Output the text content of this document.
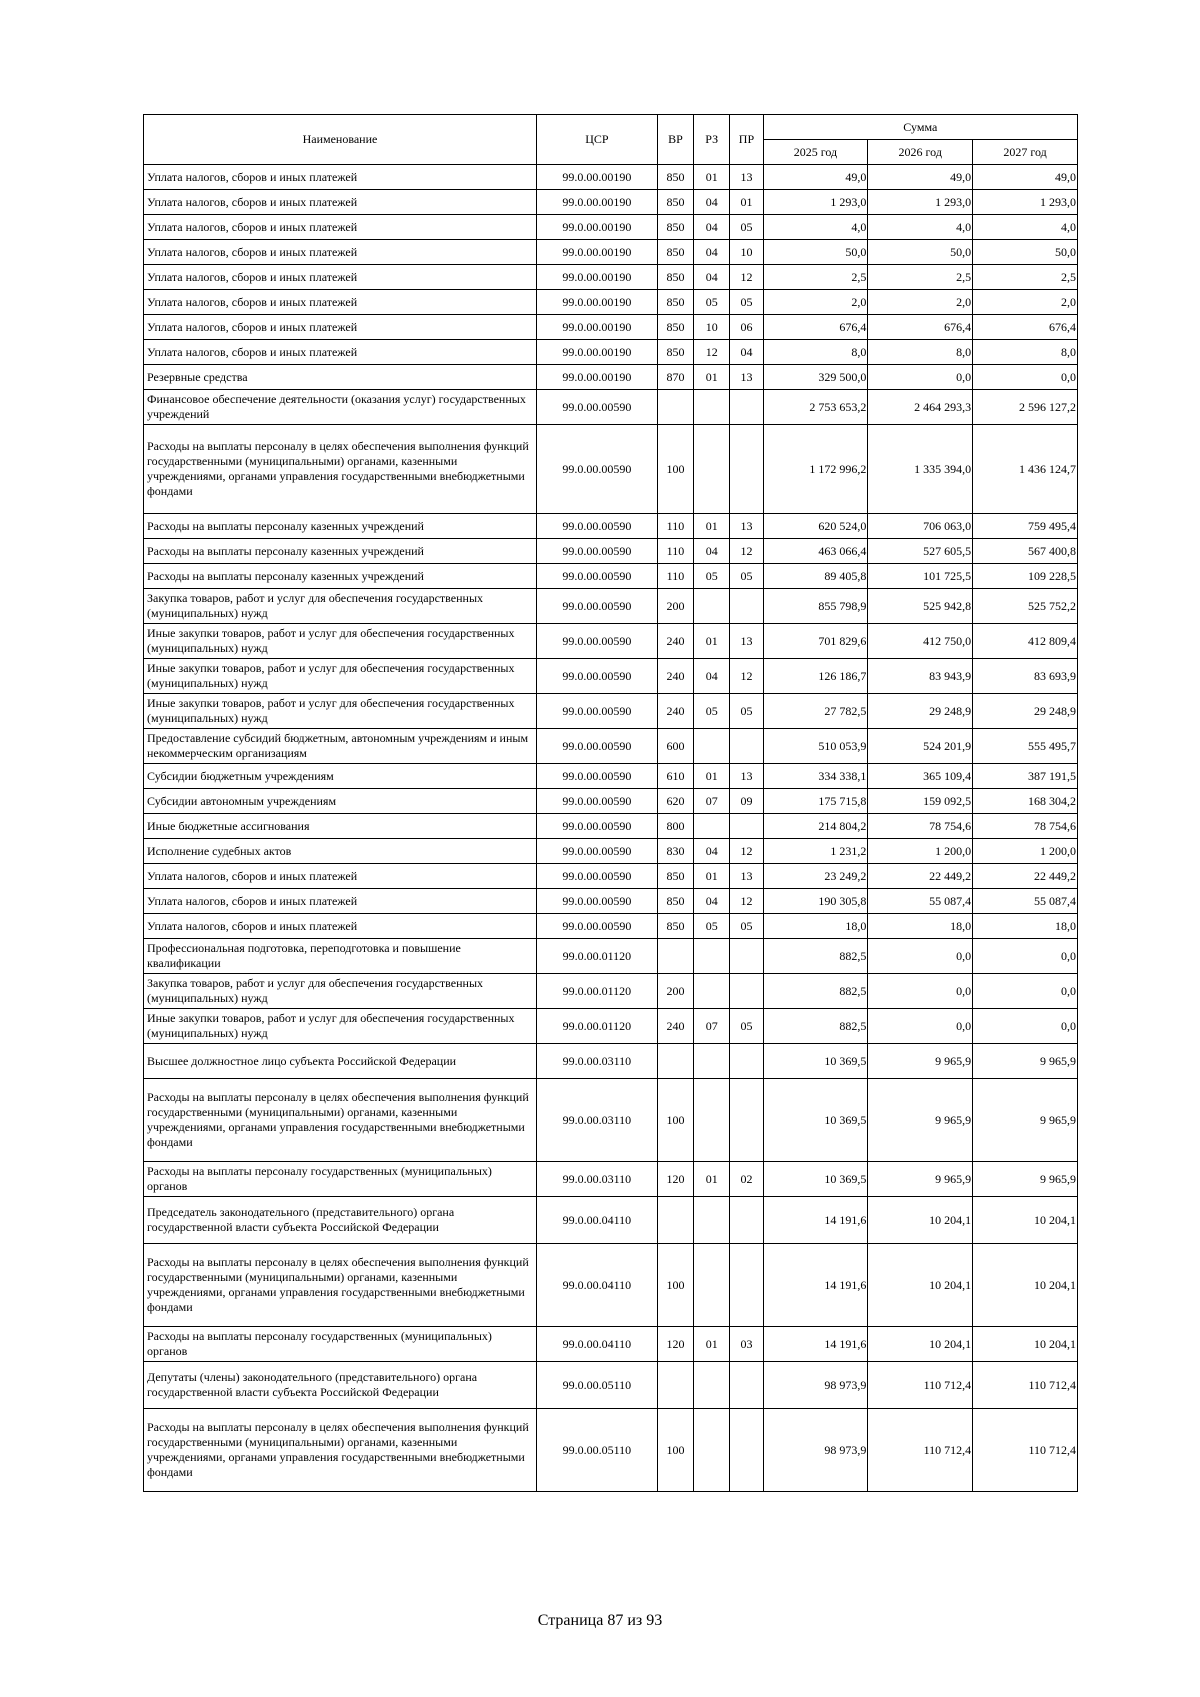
Наименование	ЦСР	ВР	РЗ	ПР	Сумма		
					2025 год	2026 год	2027 год
Уплата налогов, сборов и иных платежей	99.0.00.00190	850	01	13	49,0	49,0	49,0
Уплата налогов, сборов и иных платежей	99.0.00.00190	850	04	01	1 293,0	1 293,0	1 293,0
Уплата налогов, сборов и иных платежей	99.0.00.00190	850	04	05	4,0	4,0	4,0
Уплата налогов, сборов и иных платежей	99.0.00.00190	850	04	10	50,0	50,0	50,0
Уплата налогов, сборов и иных платежей	99.0.00.00190	850	04	12	2,5	2,5	2,5
Уплата налогов, сборов и иных платежей	99.0.00.00190	850	05	05	2,0	2,0	2,0
Уплата налогов, сборов и иных платежей	99.0.00.00190	850	10	06	676,4	676,4	676,4
Уплата налогов, сборов и иных платежей	99.0.00.00190	850	12	04	8,0	8,0	8,0
Резервные средства	99.0.00.00190	870	01	13	329 500,0	0,0	0,0
Финансовое обеспечение деятельности (оказания услуг) государственных учреждений	99.0.00.00590				2 753 653,2	2 464 293,3	2 596 127,2
Расходы на выплаты персоналу в целях обеспечения выполнения функций государственными (муниципальными) органами, казенными учреждениями, органами управления государственными внебюджетными фондами	99.0.00.00590	100			1 172 996,2	1 335 394,0	1 436 124,7
Расходы на выплаты персоналу казенных учреждений	99.0.00.00590	110	01	13	620 524,0	706 063,0	759 495,4
Расходы на выплаты персоналу казенных учреждений	99.0.00.00590	110	04	12	463 066,4	527 605,5	567 400,8
Расходы на выплаты персоналу казенных учреждений	99.0.00.00590	110	05	05	89 405,8	101 725,5	109 228,5
Закупка товаров, работ и услуг для обеспечения государственных (муниципальных) нужд	99.0.00.00590	200			855 798,9	525 942,8	525 752,2
Иные закупки товаров, работ и услуг для обеспечения государственных (муниципальных) нужд	99.0.00.00590	240	01	13	701 829,6	412 750,0	412 809,4
Иные закупки товаров, работ и услуг для обеспечения государственных (муниципальных) нужд	99.0.00.00590	240	04	12	126 186,7	83 943,9	83 693,9
Иные закупки товаров, работ и услуг для обеспечения государственных (муниципальных) нужд	99.0.00.00590	240	05	05	27 782,5	29 248,9	29 248,9
Предоставление субсидий бюджетным, автономным учреждениям и иным некоммерческим организациям	99.0.00.00590	600			510 053,9	524 201,9	555 495,7
Субсидии бюджетным учреждениям	99.0.00.00590	610	01	13	334 338,1	365 109,4	387 191,5
Субсидии автономным учреждениям	99.0.00.00590	620	07	09	175 715,8	159 092,5	168 304,2
Иные бюджетные ассигнования	99.0.00.00590	800			214 804,2	78 754,6	78 754,6
Исполнение судебных актов	99.0.00.00590	830	04	12	1 231,2	1 200,0	1 200,0
Уплата налогов, сборов и иных платежей	99.0.00.00590	850	01	13	23 249,2	22 449,2	22 449,2
Уплата налогов, сборов и иных платежей	99.0.00.00590	850	04	12	190 305,8	55 087,4	55 087,4
Уплата налогов, сборов и иных платежей	99.0.00.00590	850	05	05	18,0	18,0	18,0
Профессиональная подготовка, переподготовка и повышение квалификации	99.0.00.01120				882,5	0,0	0,0
Закупка товаров, работ и услуг для обеспечения государственных (муниципальных) нужд	99.0.00.01120	200			882,5	0,0	0,0
Иные закупки товаров, работ и услуг для обеспечения государственных (муниципальных) нужд	99.0.00.01120	240	07	05	882,5	0,0	0,0
Высшее должностное лицо субъекта Российской Федерации	99.0.00.03110				10 369,5	9 965,9	9 965,9
Расходы на выплаты персоналу в целях обеспечения выполнения функций государственными (муниципальными) органами, казенными учреждениями, органами управления государственными внебюджетными фондами	99.0.00.03110	100			10 369,5	9 965,9	9 965,9
Расходы на выплаты персоналу государственных (муниципальных) органов	99.0.00.03110	120	01	02	10 369,5	9 965,9	9 965,9
Председатель законодательного (представительного) органа государственной власти субъекта Российской Федерации	99.0.00.04110				14 191,6	10 204,1	10 204,1
Расходы на выплаты персоналу в целях обеспечения выполнения функций государственными (муниципальными) органами, казенными учреждениями, органами управления государственными внебюджетными фондами	99.0.00.04110	100			14 191,6	10 204,1	10 204,1
Расходы на выплаты персоналу государственных (муниципальных) органов	99.0.00.04110	120	01	03	14 191,6	10 204,1	10 204,1
Депутаты (члены) законодательного (представительного) органа государственной власти субъекта Российской Федерации	99.0.00.05110				98 973,9	110 712,4	110 712,4
Расходы на выплаты персоналу в целях обеспечения выполнения функций государственными (муниципальными) органами, казенными учреждениями, органами управления государственными внебюджетными фондами	99.0.00.05110	100			98 973,9	110 712,4	110 712,4
Страница 87 из 93
